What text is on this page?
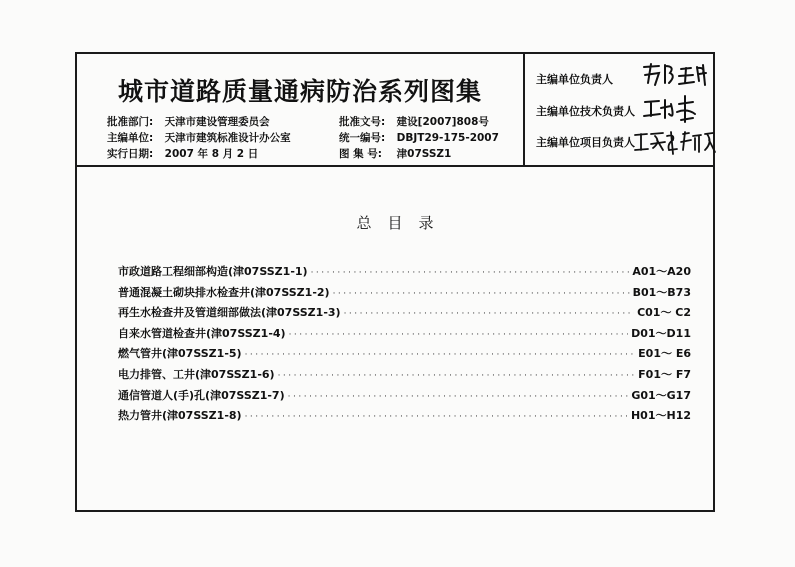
城市道路质量通病防治系列图集
批准部门: 天津市建设管理委员会
主编单位: 天津市建筑标准设计办公室
实行日期: 2007 年 8 月 2 日
批准文号: 建设[2007]808号
统一编号: DBJT29-175-2007
图 集 号: 津07SSZ1
主编单位负责人
主编单位技术负责人
主编单位项目负责人
总目录
市政道路工程细部构造(津07SSZ1-1) ·····	A01～A20
普通混凝土砌块排水检查井(津07SSZ1-2) ·····	B01～B73
再生水检查井及管道细部做法(津07SSZ1-3) ·····	C01～ C2
自来水管道检查井(津07SSZ1-4) ·····	D01～D11
燃气管井(津07SSZ1-5) ·····	E01～ E6
电力排管、工井(津07SSZ1-6) ·····	F01～ F7
通信管道人(手)孔(津07SSZ1-7) ·····	G01～G17
热力管井(津07SSZ1-8) ·····	H01～H12
